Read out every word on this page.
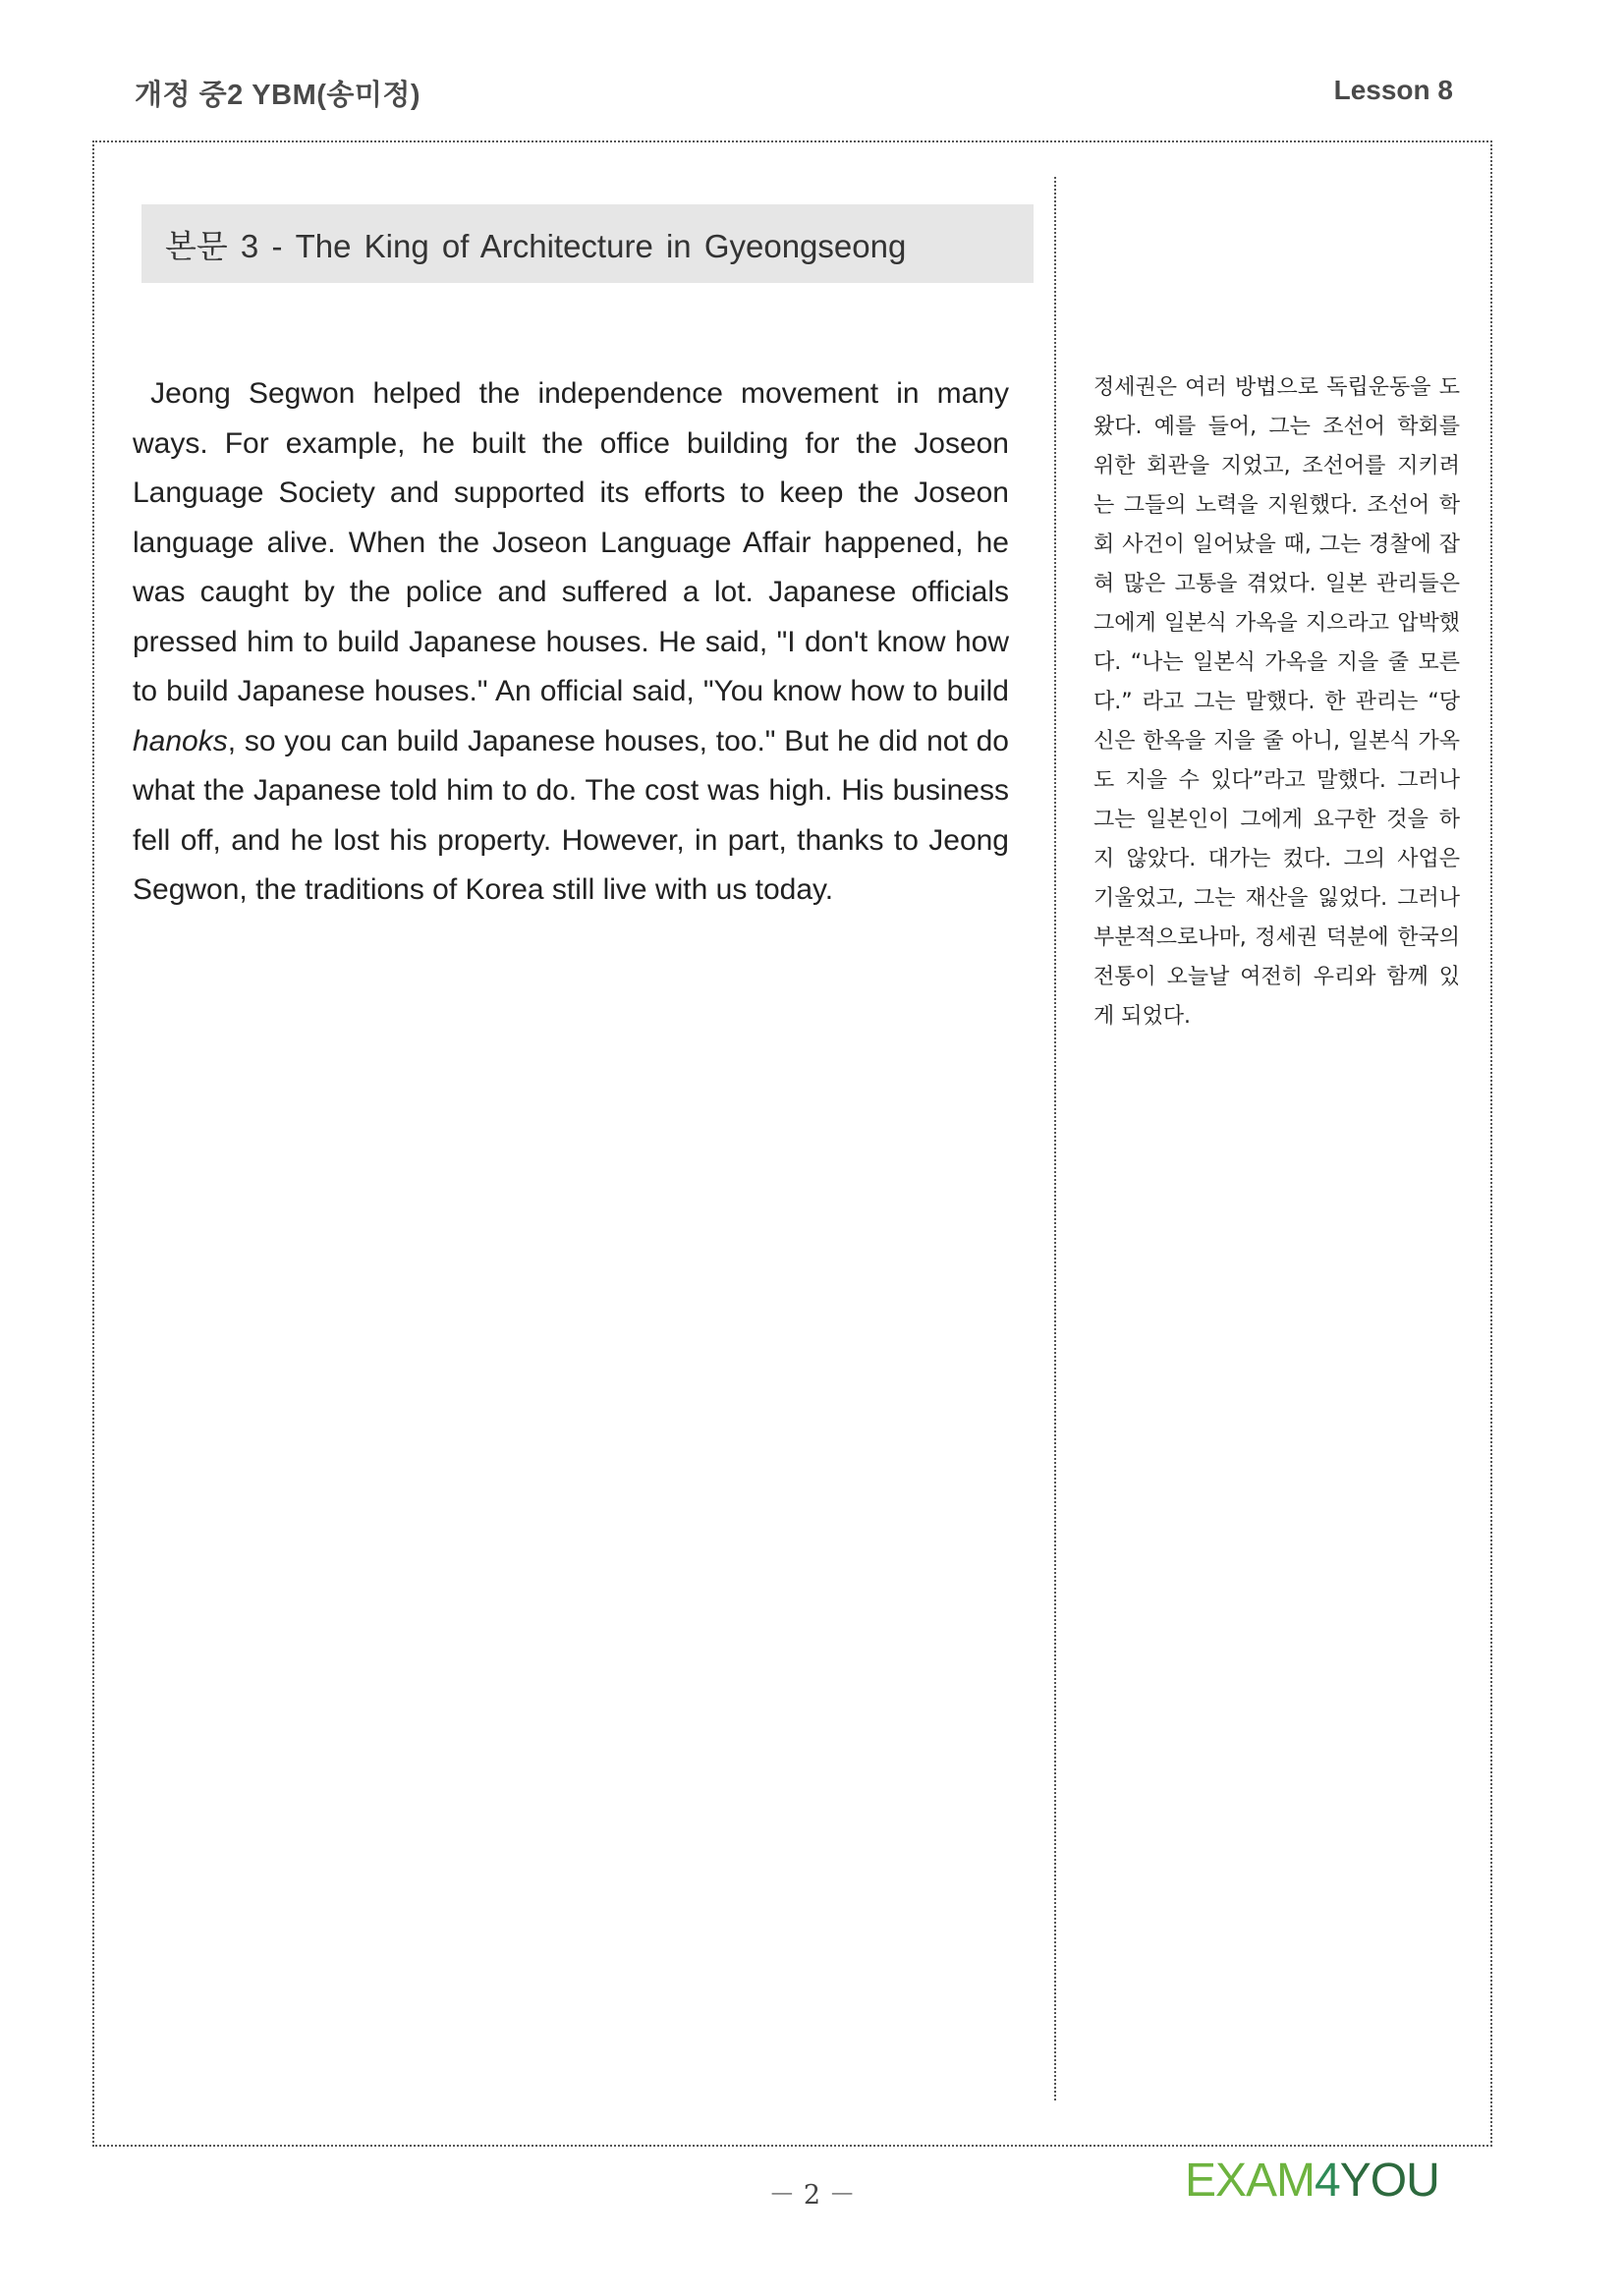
개정 중2 YBM(송미정)	Lesson 8
본문 3 - The King of Architecture in Gyeongseong

Jeong Segwon helped the independence movement in many ways. For example, he built the office building for the Joseon Language Society and supported its efforts to keep the Joseon language alive. When the Joseon Language Affair happened, he was caught by the police and suffered a lot. Japanese officials pressed him to build Japanese houses. He said, "I don't know how to build Japanese houses." An official said, "You know how to build hanoks, so you can build Japanese houses, too." But he did not do what the Japanese told him to do. The cost was high. His business fell off, and he lost his property. However, in part, thanks to Jeong Segwon, the traditions of Korea still live with us today.

정세권은 여러 방법으로 독립운동을 도왔다. 예를 들어, 그는 조선어 학회를 위한 회관을 지었고, 조선어를 지키려는 그들의 노력을 지원했다. 조선어 학회 사건이 일어났을 때, 그는 경찰에 잡혀 많은 고통을 겪었다. 일본 관리들은 그에게 일본식 가옥을 지으라고 압박했다. “나는 일본식 가옥을 지을 줄 모른다.” 라고 그는 말했다. 한 관리는 “당신은 한옥을 지을 줄 아니, 일본식 가옥도 지을 수 있다”라고 말했다. 그러나 그는 일본인이 그에게 요구한 것을 하지 않았다. 대가는 컸다. 그의 사업은 기울었고, 그는 재산을 잃었다. 그러나 부분적으로나마, 정세권 덕분에 한국의 전통이 오늘날 여전히 우리와 함께 있게 되었다.

－ 2 －	EXAM4YOU
